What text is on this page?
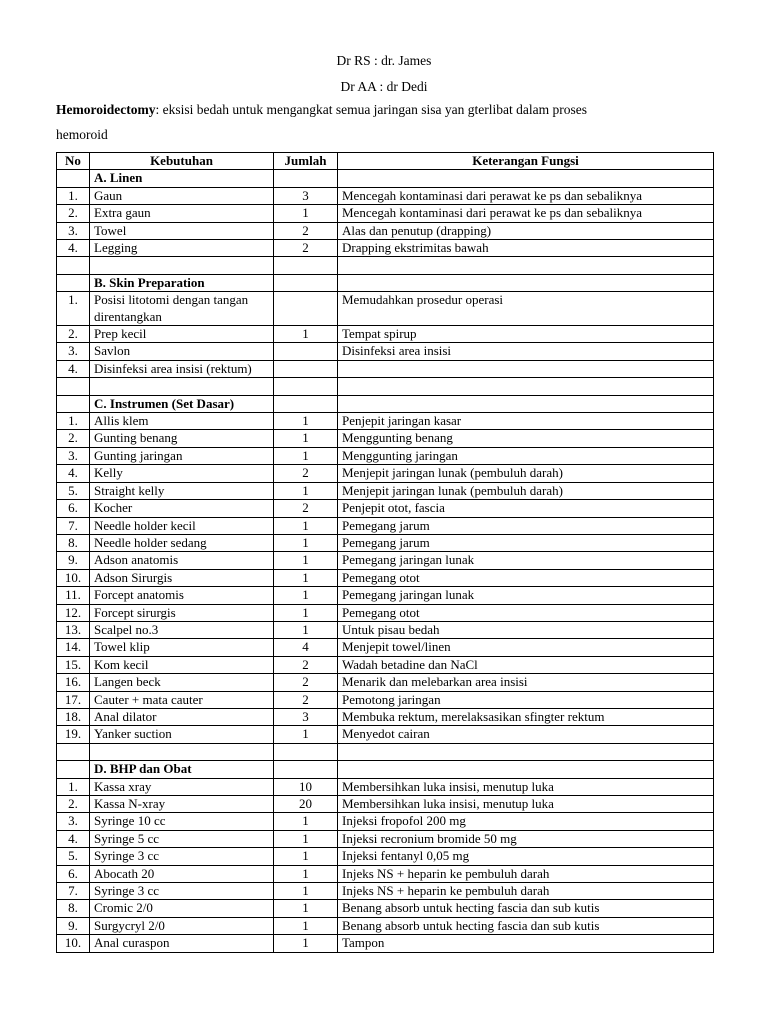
Dr RS : dr. James
Dr AA : dr Dedi
Hemoroidectomy: eksisi bedah untuk mengangkat semua jaringan sisa yan gterlibat dalam proses
hemoroid
No	Kebutuhan	Jumlah	Keterangan Fungsi
	A. Linen		
1.	Gaun	3	Mencegah kontaminasi dari perawat ke ps dan sebaliknya
2.	Extra gaun	1	Mencegah kontaminasi dari perawat ke ps dan sebaliknya
3.	Towel	2	Alas dan penutup (drapping)
4.	Legging	2	Drapping ekstrimitas bawah

	B. Skin Preparation		
1.	Posisi litotomi dengan tangan direntangkan		Memudahkan prosedur operasi
2.	Prep kecil	1	Tempat spirup
3.	Savlon		Disinfeksi area insisi
4.	Disinfeksi area insisi (rektum)		

	C. Instrumen (Set Dasar)		
1.	Allis klem	1	Penjepit jaringan kasar
2.	Gunting benang	1	Menggunting benang
3.	Gunting jaringan	1	Menggunting jaringan
4.	Kelly	2	Menjepit jaringan lunak (pembuluh darah)
5.	Straight kelly	1	Menjepit jaringan lunak (pembuluh darah)
6.	Kocher	2	Penjepit otot, fascia
7.	Needle holder kecil	1	Pemegang jarum
8.	Needle holder sedang	1	Pemegang jarum
9.	Adson anatomis	1	Pemegang jaringan lunak
10.	Adson Sirurgis	1	Pemegang otot
11.	Forcept anatomis	1	Pemegang jaringan lunak
12.	Forcept sirurgis	1	Pemegang otot
13.	Scalpel no.3	1	Untuk pisau bedah
14.	Towel klip	4	Menjepit towel/linen
15.	Kom kecil	2	Wadah betadine dan NaCl
16.	Langen beck	2	Menarik dan melebarkan area insisi
17.	Cauter + mata cauter	2	Pemotong jaringan
18.	Anal dilator	3	Membuka rektum, merelaksasikan sfingter rektum
19.	Yanker suction	1	Menyedot cairan

	D. BHP dan Obat		
1.	Kassa xray	10	Membersihkan luka insisi, menutup luka
2.	Kassa N-xray	20	Membersihkan luka insisi, menutup luka
3.	Syringe 10 cc	1	Injeksi fropofol 200 mg
4.	Syringe 5 cc	1	Injeksi recronium bromide 50 mg
5.	Syringe 3 cc	1	Injeksi fentanyl 0,05 mg
6.	Abocath 20	1	Injeks NS + heparin ke pembuluh darah
7.	Syringe 3 cc	1	Injeks NS + heparin ke pembuluh darah
8.	Cromic 2/0	1	Benang absorb untuk hecting fascia dan sub kutis
9.	Surgycryl 2/0	1	Benang absorb untuk hecting fascia dan sub kutis
10.	Anal curaspon	1	Tampon
